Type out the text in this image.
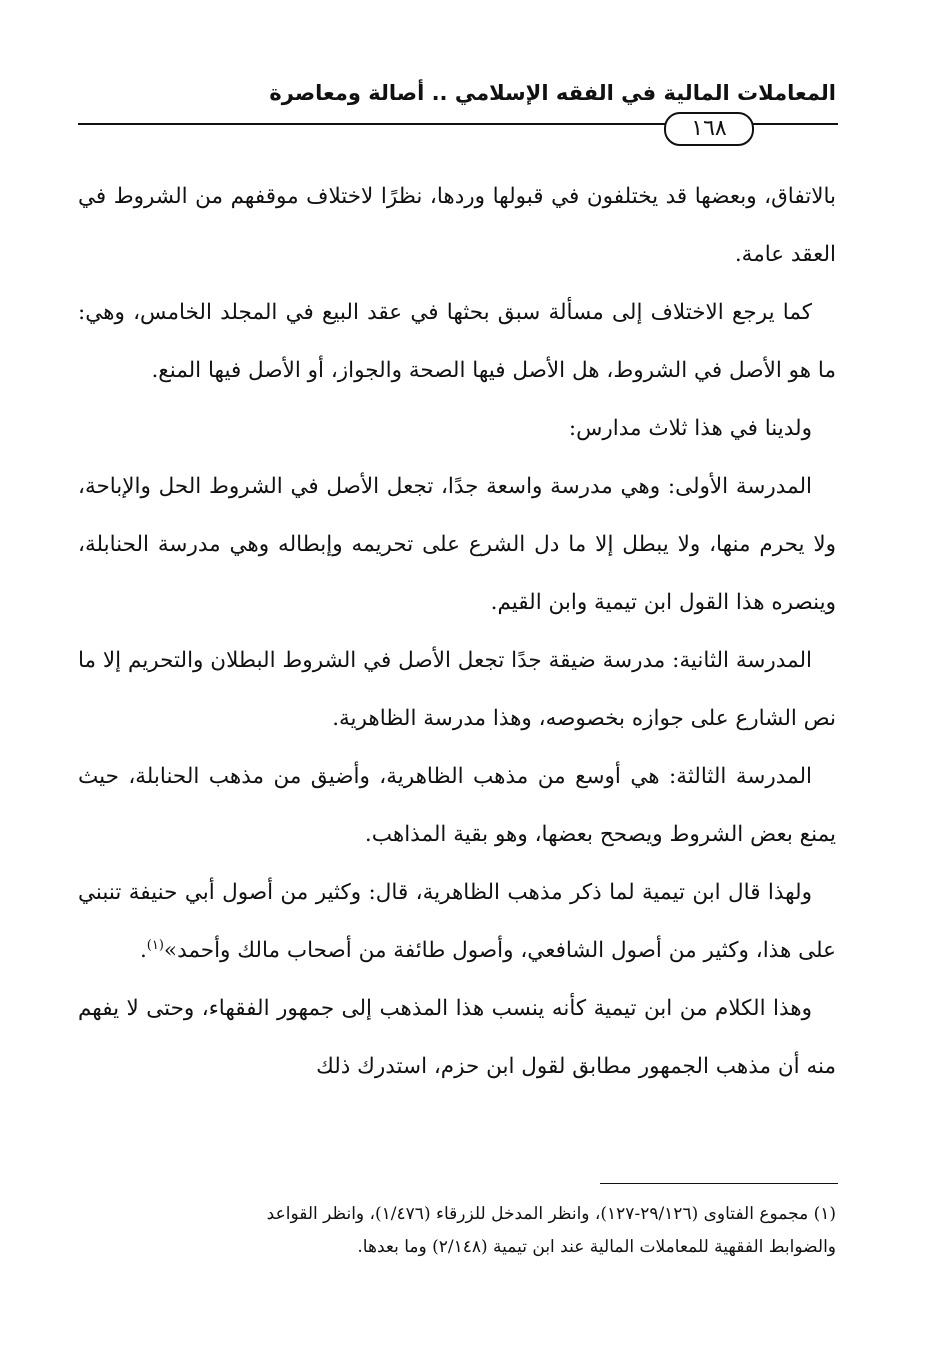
المعاملات المالية في الفقه الإسلامي .. أصالة ومعاصرة
١٦٨

بالاتفاق، وبعضها قد يختلفون في قبولها وردها، نظرًا لاختلاف موقفهم من الشروط في العقد عامة.

كما يرجع الاختلاف إلى مسألة سبق بحثها في عقد البيع في المجلد الخامس، وهي: ما هو الأصل في الشروط، هل الأصل فيها الصحة والجواز، أو الأصل فيها المنع.

ولدينا في هذا ثلاث مدارس:

المدرسة الأولى: وهي مدرسة واسعة جدًا، تجعل الأصل في الشروط الحل والإباحة، ولا يحرم منها، ولا يبطل إلا ما دل الشرع على تحريمه وإبطاله وهي مدرسة الحنابلة، وينصره هذا القول ابن تيمية وابن القيم.

المدرسة الثانية: مدرسة ضيقة جدًا تجعل الأصل في الشروط البطلان والتحريم إلا ما نص الشارع على جوازه بخصوصه، وهذا مدرسة الظاهرية.

المدرسة الثالثة: هي أوسع من مذهب الظاهرية، وأضيق من مذهب الحنابلة، حيث يمنع بعض الشروط ويصحح بعضها، وهو بقية المذاهب.

ولهذا قال ابن تيمية لما ذكر مذهب الظاهرية، قال: وكثير من أصول أبي حنيفة تنبني على هذا، وكثير من أصول الشافعي، وأصول طائفة من أصحاب مالك وأحمد»$^{(١)}$.

وهذا الكلام من ابن تيمية كأنه ينسب هذا المذهب إلى جمهور الفقهاء، وحتى لا يفهم منه أن مذهب الجمهور مطابق لقول ابن حزم، استدرك ذلك

(١) مجموع الفتاوى (٢٩/١٢٦-١٢٧)، وانظر المدخل للزرقاء (١/٤٧٦)، وانظر القواعد

والضوابط الفقهية للمعاملات المالية عند ابن تيمية (٢/١٤٨) وما بعدها.
